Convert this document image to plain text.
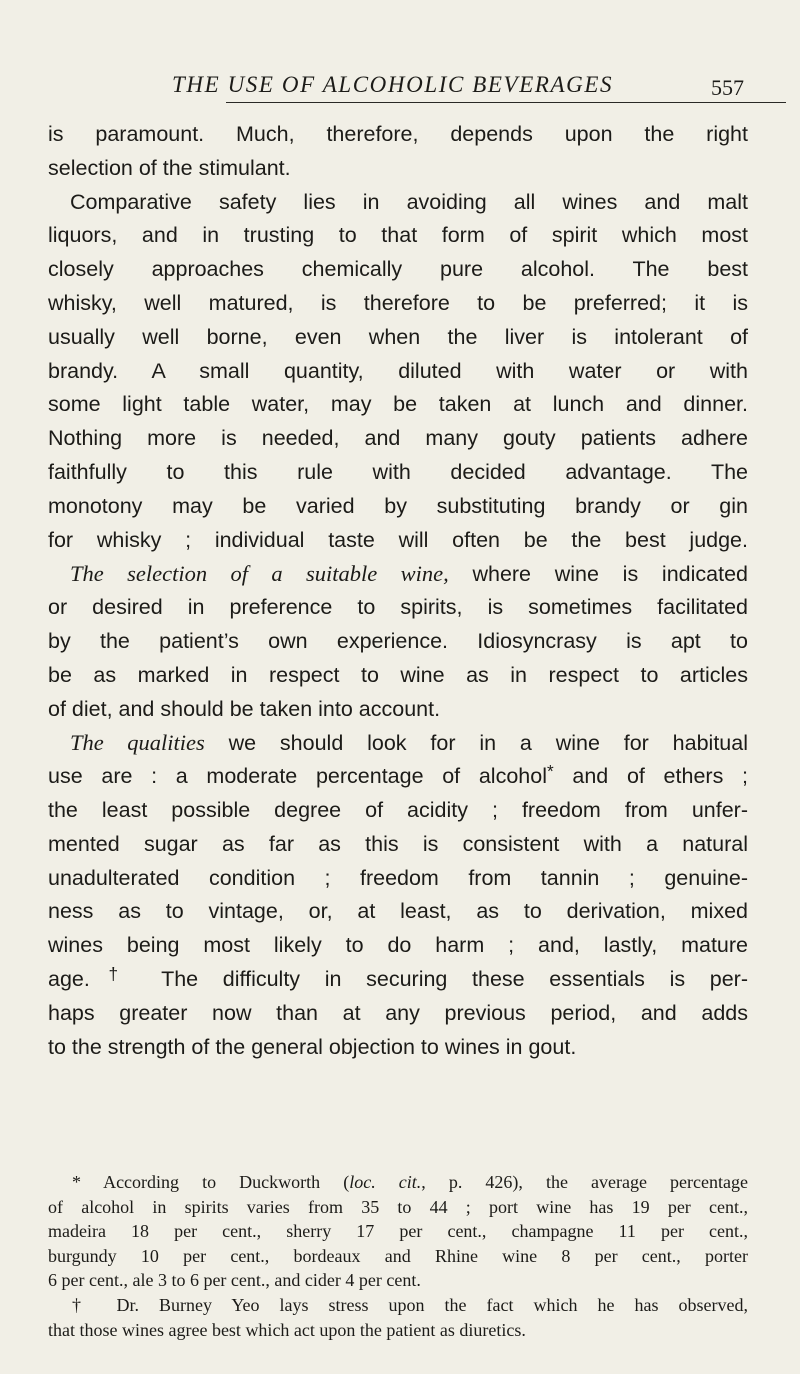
THE USE OF ALCOHOLIC BEVERAGES	557
is paramount. Much, therefore, depends upon the right
selection of the stimulant.
Comparative safety lies in avoiding all wines and malt
liquors, and in trusting to that form of spirit which most
closely approaches chemically pure alcohol. The best
whisky, well matured, is therefore to be preferred; it is
usually well borne, even when the liver is intolerant of
brandy. A small quantity, diluted with water or with
some light table water, may be taken at lunch and dinner.
Nothing more is needed, and many gouty patients adhere
faithfully to this rule with decided advantage. The
monotony may be varied by substituting brandy or gin
for whisky ; individual taste will often be the best judge.
The selection of a suitable wine, where wine is indicated
or desired in preference to spirits, is sometimes facilitated
by the patient’s own experience. Idiosyncrasy is apt to
be as marked in respect to wine as in respect to articles
of diet, and should be taken into account.
The qualities we should look for in a wine for habitual
use are : a moderate percentage of alcohol* and of ethers ;
the least possible degree of acidity ; freedom from unfer-
mented sugar as far as this is consistent with a natural
unadulterated condition ; freedom from tannin ; genuine-
ness as to vintage, or, at least, as to derivation, mixed
wines being most likely to do harm ; and, lastly, mature
age.† The difficulty in securing these essentials is per-
haps greater now than at any previous period, and adds
to the strength of the general objection to wines in gout.
* According to Duckworth (loc. cit., p. 426), the average percentage
of alcohol in spirits varies from 35 to 44 ; port wine has 19 per cent.,
madeira 18 per cent., sherry 17 per cent., champagne 11 per cent.,
burgundy 10 per cent., bordeaux and Rhine wine 8 per cent., porter
6 per cent., ale 3 to 6 per cent., and cider 4 per cent.
† Dr. Burney Yeo lays stress upon the fact which he has observed,
that those wines agree best which act upon the patient as diuretics.
